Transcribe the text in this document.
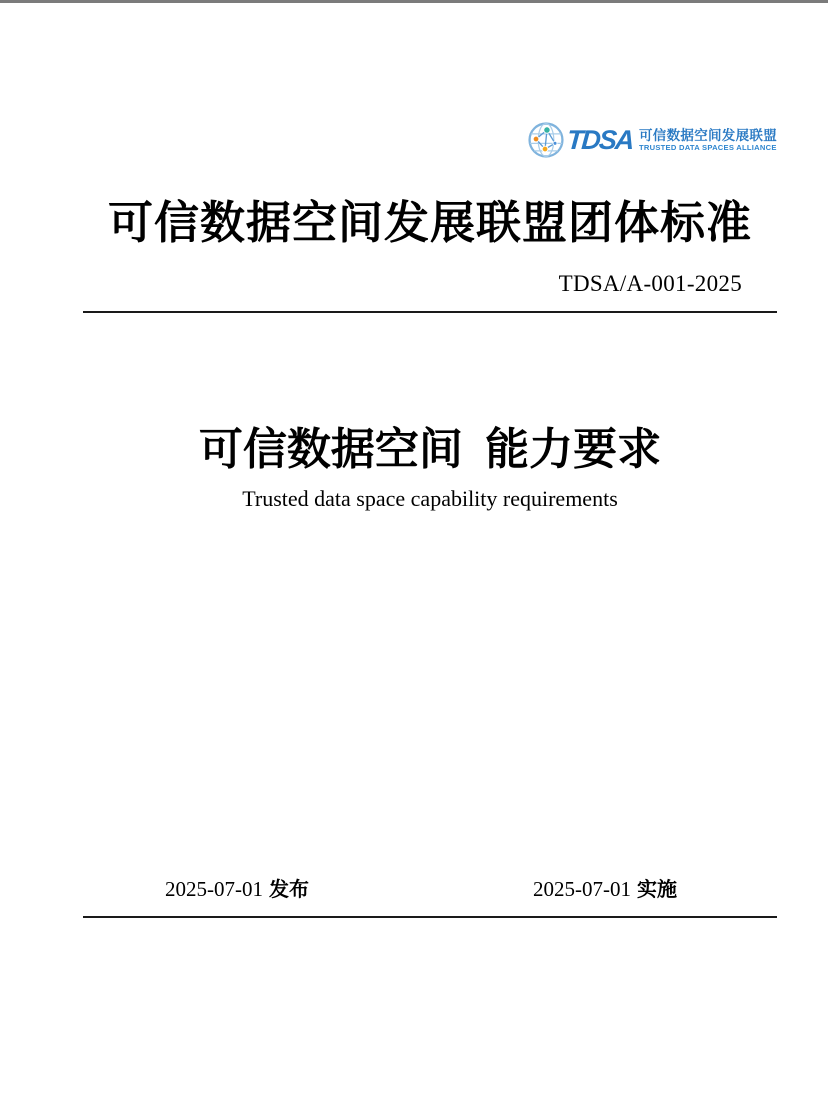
TDSA 可信数据空间发展联盟
TRUSTED DATA SPACES ALLIANCE
可信数据空间发展联盟团体标准
TDSA/A-001-2025
可信数据空间 能力要求
Trusted data space capability requirements
2025-07-01 发布	2025-07-01 实施
